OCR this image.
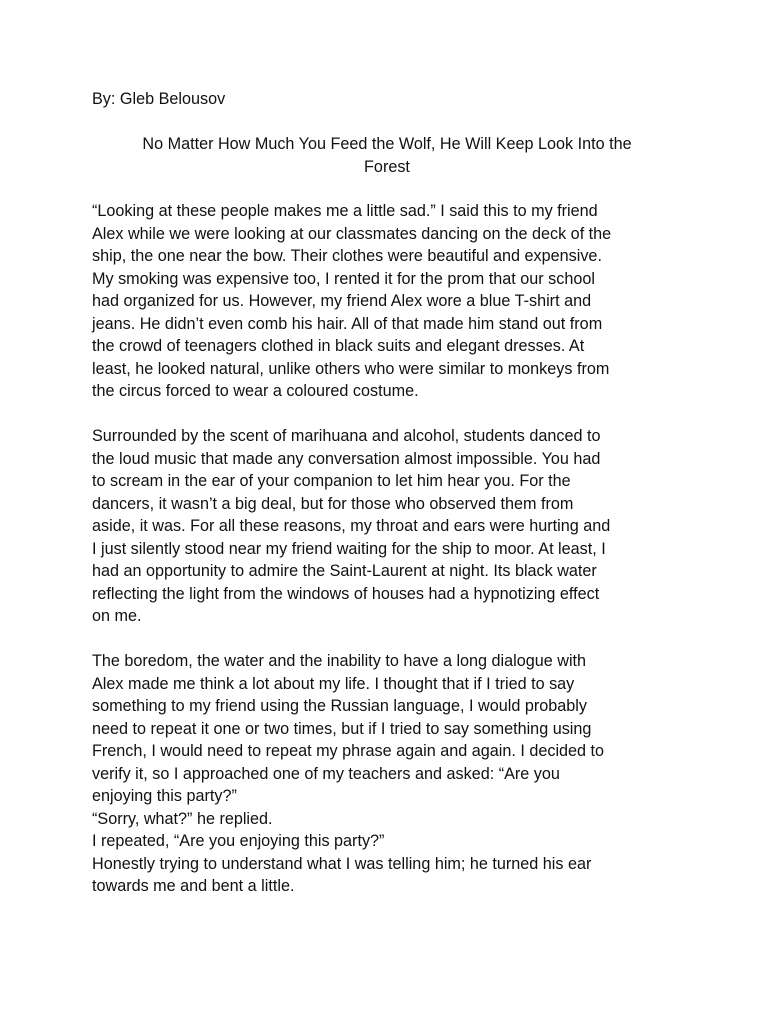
By: Gleb Belousov

No Matter How Much You Feed the Wolf, He Will Keep Look Into the
Forest

“Looking at these people makes me a little sad.” I said this to my friend
Alex while we were looking at our classmates dancing on the deck of the
ship, the one near the bow. Their clothes were beautiful and expensive.
My smoking was expensive too, I rented it for the prom that our school
had organized for us. However, my friend Alex wore a blue T-shirt and
jeans. He didn’t even comb his hair. All of that made him stand out from
the crowd of teenagers clothed in black suits and elegant dresses. At
least, he looked natural, unlike others who were similar to monkeys from
the circus forced to wear a coloured costume.

Surrounded by the scent of marihuana and alcohol, students danced to
the loud music that made any conversation almost impossible. You had
to scream in the ear of your companion to let him hear you. For the
dancers, it wasn’t a big deal, but for those who observed them from
aside, it was. For all these reasons, my throat and ears were hurting and
I just silently stood near my friend waiting for the ship to moor. At least, I
had an opportunity to admire the Saint-Laurent at night. Its black water
reflecting the light from the windows of houses had a hypnotizing effect
on me.

The boredom, the water and the inability to have a long dialogue with
Alex made me think a lot about my life. I thought that if I tried to say
something to my friend using the Russian language, I would probably
need to repeat it one or two times, but if I tried to say something using
French, I would need to repeat my phrase again and again. I decided to
verify it, so I approached one of my teachers and asked: “Are you
enjoying this party?”
“Sorry, what?” he replied.
I repeated, “Are you enjoying this party?”
Honestly trying to understand what I was telling him; he turned his ear
towards me and bent a little.
